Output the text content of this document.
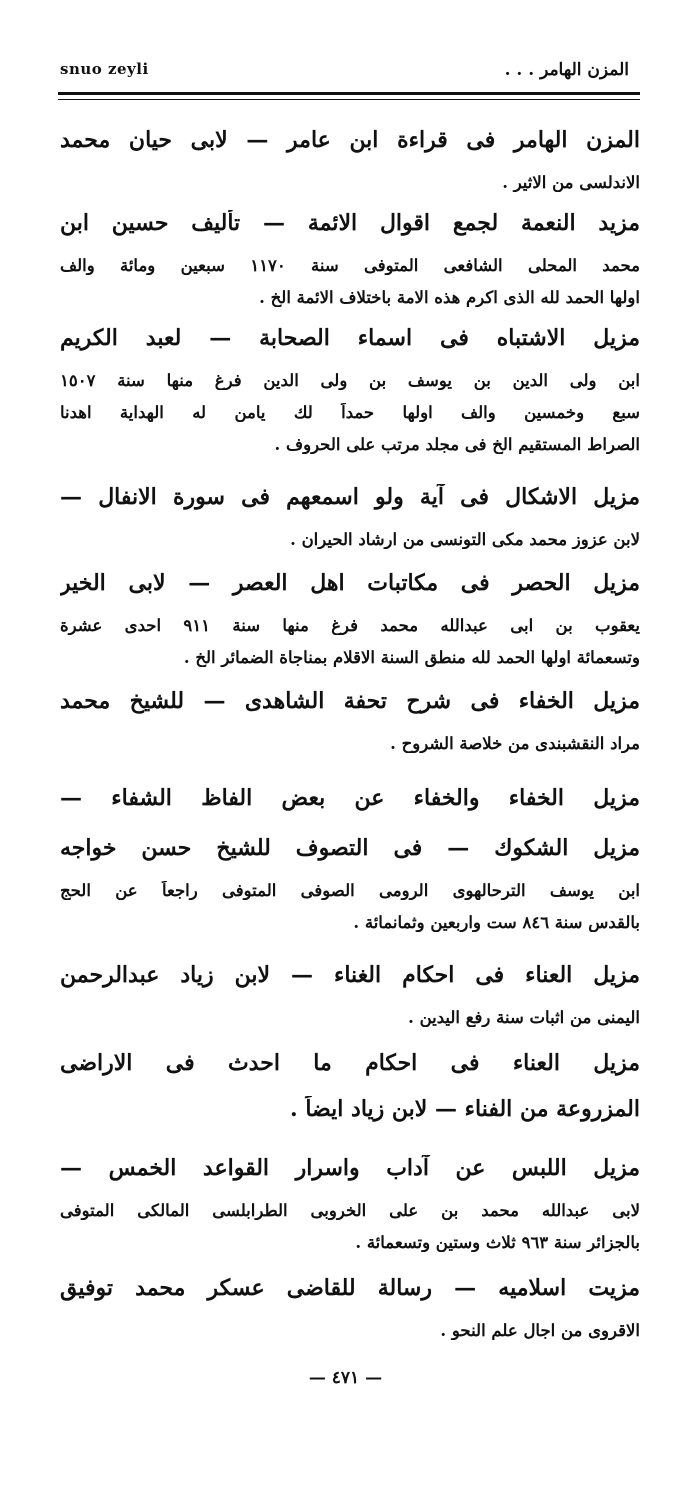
snuo zeyli	المزن الهامر . . .
المزن الهامر فى قراءة ابن عامر — لابى حيان محمد
الاندلسى من الاثير .
مزيد النعمة لجمع اقوال الائمة — تأليف حسين ابن
محمد المحلى الشافعى المتوفى سنة ١١٧٠ سبعين ومائة والف
اولها الحمد لله الذى اكرم هذه الامة باختلاف الائمة الخ .
مزيل الاشتباه فى اسماء الصحابة — لعبد الكريم
ابن ولى الدين بن يوسف بن ولى الدين فرغ منها سنة ١٥٠٧
سبع وخمسين والف اولها حمداً لك يامن له الهداية اهدنا
الصراط المستقيم الخ فى مجلد مرتب على الحروف .
مزيل الاشكال فى آية ولو اسمعهم فى سورة الانفال —
لابن عزوز محمد مكى التونسى من ارشاد الحيران .
مزيل الحصر فى مكاتبات اهل العصر — لابى الخير
يعقوب بن ابى عبدالله محمد فرغ منها سنة ٩١١ احدى عشرة
وتسعمائة اولها الحمد لله منطق السنة الاقلام بمناجاة الضمائر الخ .
مزيل الخفاء فى شرح تحفة الشاهدى — للشيخ محمد
مراد النقشبندى من خلاصة الشروح .
مزيل الخفاء والخفاء عن بعض الفاظ الشفاء —
مزيل الشكوك — فى التصوف للشيخ حسن خواجه
ابن يوسف الترحالهوى الرومى الصوفى المتوفى راجعاً عن الحج
بالقدس سنة ٨٤٦ ست واربعين وثمانمائة .
مزيل العناء فى احكام الغناء — لابن زياد عبدالرحمن
اليمنى من اثبات سنة رفع اليدين .
مزيل العناء فى احكام ما احدث فى الاراضى
المزروعة من الفناء — لابن زياد ايضاً .
مزيل اللبس عن آداب واسرار القواعد الخمس —
لابى عبدالله محمد بن على الخروبى الطرابلسى المالكى المتوفى
بالجزائر سنة ٩٦٣ ثلاث وستين وتسعمائة .
مزيت اسلاميه — رسالة للقاضى عسكر محمد توفيق
الاقروى من اجال علم النحو .
— ٤٧١ —
